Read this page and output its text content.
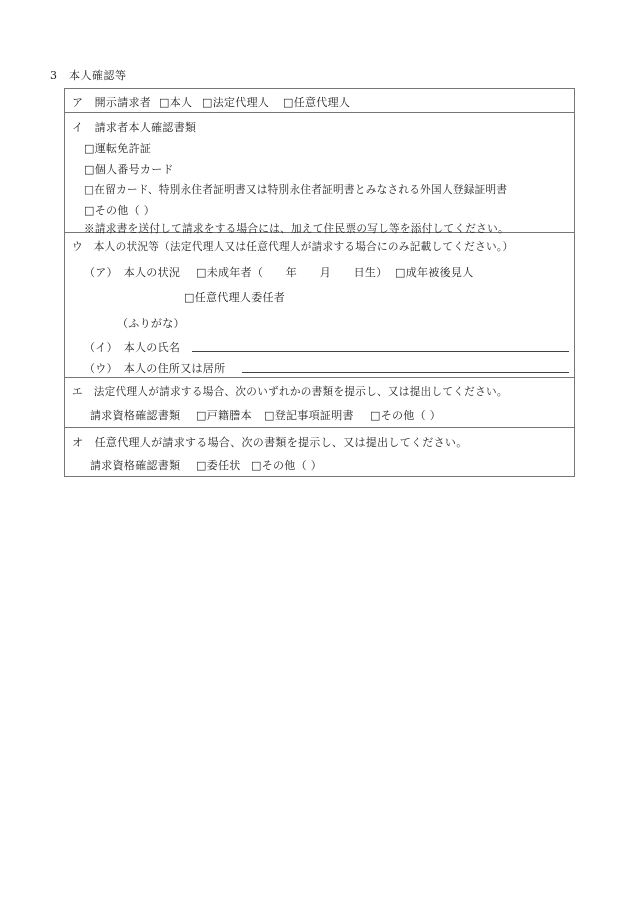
3　本人確認等
ア　開示請求者 □本人 □法定代理人 □任意代理人
イ　請求者本人確認書類
□運転免許証
□個人番号カード
□在留カード、特別永住者証明書又は特別永住者証明書とみなされる外国人登録証明書
□その他（ ）
※請求書を送付して請求をする場合には、加えて住民票の写し等を添付してください。
ウ　本人の状況等（法定代理人又は任意代理人が請求する場合にのみ記載してください。）
（ア）　本人の状況 □未成年者（　　年　　月　　日生） □成年被後見人
□任意代理人委任者
（ふりがな）
（イ）　本人の氏名
（ウ）　本人の住所又は居所
エ　法定代理人が請求する場合、次のいずれかの書類を提示し、又は提出してください。
請求資格確認書類 □戸籍謄本 □登記事項証明書 □その他（ ）
オ　任意代理人が請求する場合、次の書類を提示し、又は提出してください。
請求資格確認書類 □委任状 □その他（ ）
